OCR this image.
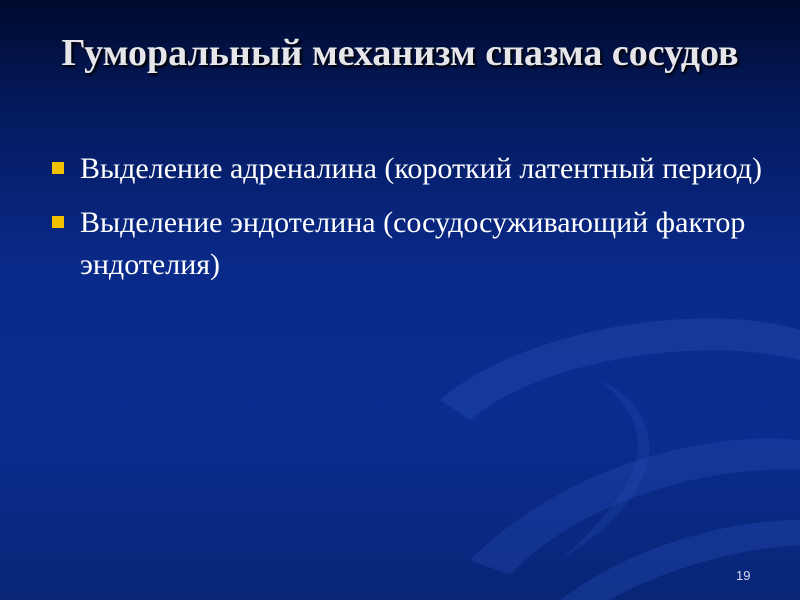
Гуморальный механизм спазма сосудов
Выделение адреналина (короткий латентный период)
Выделение эндотелина (сосудосуживающий фактор эндотелия)
19
